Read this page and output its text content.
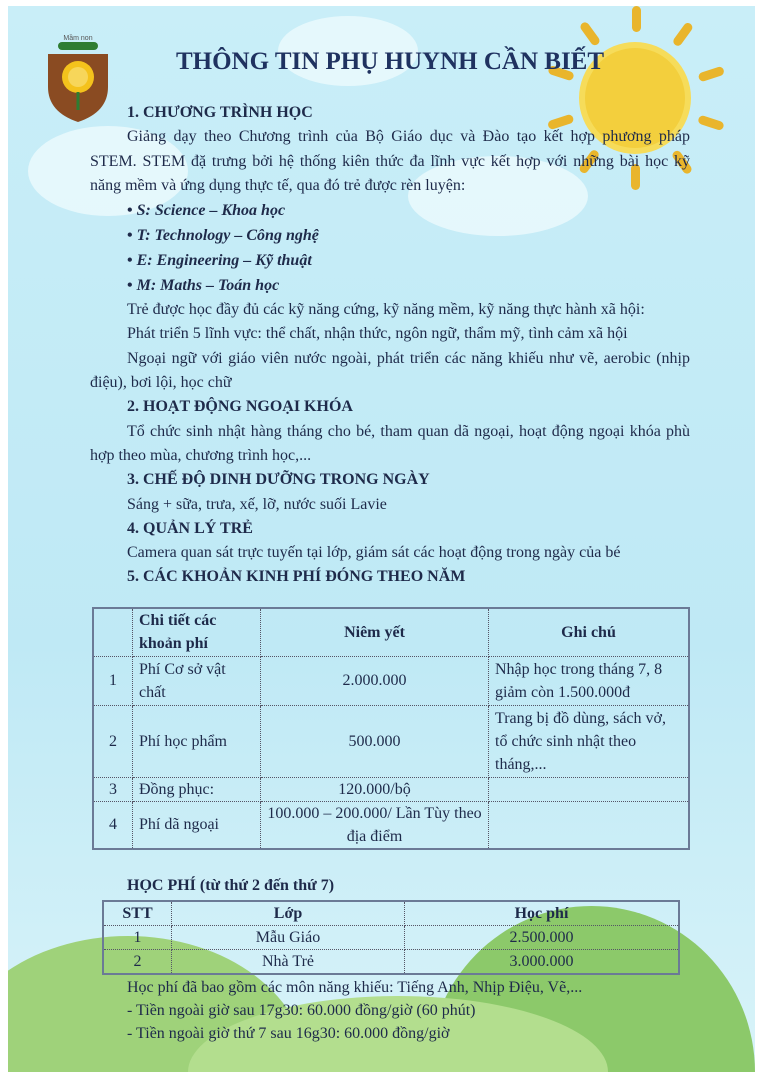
Mầm non
THÔNG TIN PHỤ HUYNH CẦN BIẾT
1. CHƯƠNG TRÌNH HỌC

Giảng dạy theo Chương trình của Bộ Giáo dục và Đào tạo kết hợp phương pháp STEM. STEM đặ trưng bởi hệ thống kiên thức đa lĩnh vực kết hợp với những bài học kỹ năng mềm và ứng dụng thực tế, qua đó trẻ được rèn luyện:

• S: Science – Khoa học
• T: Technology – Công nghệ
• E: Engineering – Kỹ thuật
• M: Maths – Toán học

Trẻ được học đầy đủ các kỹ năng cứng, kỹ năng mềm, kỹ năng thực hành xã hội:

Phát triển 5 lĩnh vực: thể chất, nhận thức, ngôn ngữ, thẩm mỹ, tình cảm xã hội

Ngoại ngữ với giáo viên nước ngoài, phát triển các năng khiếu như vẽ, aerobic (nhịp điệu), bơi lội, học chữ

2. HOẠT ĐỘNG NGOẠI KHÓA

Tổ chức sinh nhật hàng tháng cho bé, tham quan dã ngoại, hoạt động ngoại khóa phù hợp theo mùa, chương trình học,...

3. CHẾ ĐỘ DINH DƯỠNG TRONG NGÀY

Sáng + sữa, trưa, xế, lỡ, nước suối Lavie

4. QUẢN LÝ TRẺ

Camera quan sát trực tuyến tại lớp, giám sát các hoạt động trong ngày của bé

5. CÁC KHOẢN KINH PHÍ ĐÓNG THEO NĂM
	Chi tiết các khoản phí	Niêm yết	Ghi chú
1	Phí Cơ sở vật chất	2.000.000	Nhập học trong tháng 7, 8 giảm còn 1.500.000đ
2	Phí học phẩm	500.000	Trang bị đồ dùng, sách vở, tổ chức sinh nhật theo tháng,...
3	Đồng phục:	120.000/bộ	
4	Phí dã ngoại	100.000 – 200.000/ Lần Tùy theo địa điểm	
HỌC PHÍ (từ thứ 2 đến thứ 7)
STT	Lớp	Học phí
1	Mẫu Giáo	2.500.000
2	Nhà Trẻ	3.000.000
Học phí đã bao gồm các môn năng khiếu: Tiếng Anh, Nhịp Điệu, Vẽ,...
- Tiền ngoài giờ sau 17g30: 60.000 đồng/giờ (60 phút)
- Tiền ngoài giờ thứ 7 sau 16g30: 60.000 đồng/giờ
